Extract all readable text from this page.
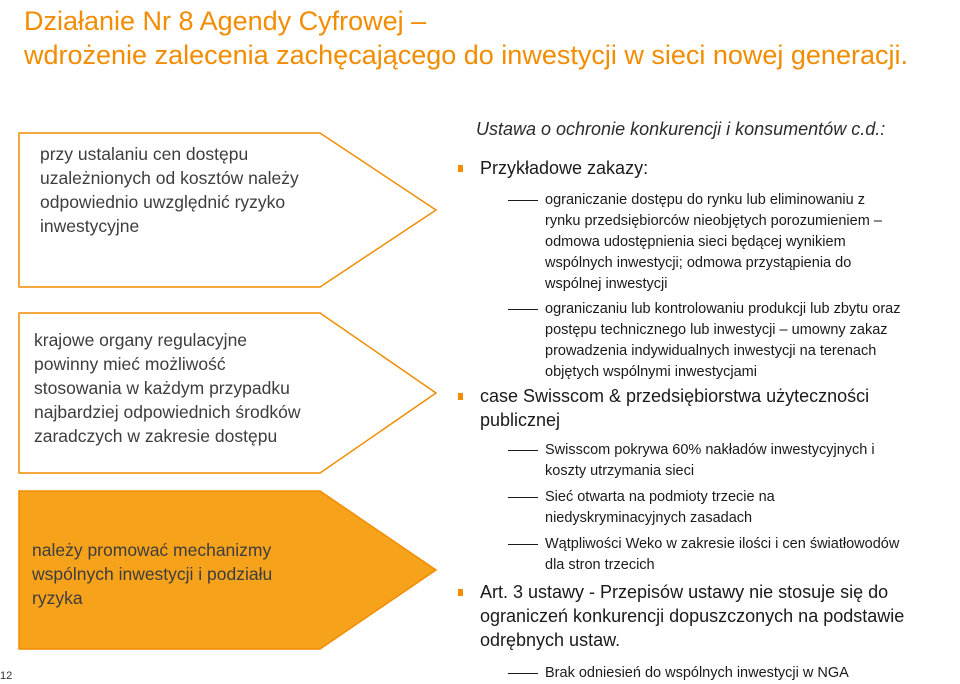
Działanie Nr 8 Agendy Cyfrowej –
wdrożenie zalecenia zachęcającego do inwestycji w sieci nowej generacji.
przy ustalaniu cen dostępu
uzależnionych od kosztów należy
odpowiednio uwzględnić ryzyko
inwestycyjne
krajowe organy regulacyjne
powinny mieć możliwość
stosowania w każdym przypadku
najbardziej odpowiednich środków
zaradczych w zakresie dostępu
należy promować mechanizmy
wspólnych inwestycji i podziału
ryzyka
Ustawa o ochronie konkurencji i konsumentów c.d.:
Przykładowe zakazy:
ograniczanie dostępu do rynku lub eliminowaniu z
rynku przedsiębiorców nieobjętych porozumieniem –
odmowa udostępnienia sieci będącej wynikiem
wspólnych inwestycji; odmowa przystąpienia do
wspólnej inwestycji
ograniczaniu lub kontrolowaniu produkcji lub zbytu oraz
postępu technicznego lub inwestycji – umowny zakaz
prowadzenia indywidualnych inwestycji na terenach
objętych wspólnymi inwestycjami
case Swisscom & przedsiębiorstwa użyteczności
publicznej
Swisscom pokrywa 60% nakładów inwestycyjnych i
koszty utrzymania sieci
Sieć otwarta na podmioty trzecie na
niedyskryminacyjnych zasadach
Wątpliwości Weko w zakresie ilości i cen światłowodów
dla stron trzecich
Art. 3 ustawy - Przepisów ustawy nie stosuje się do
ograniczeń konkurencji dopuszczonych na podstawie
odrębnych ustaw.
Brak odniesień do wspólnych inwestycji w NGA
12
